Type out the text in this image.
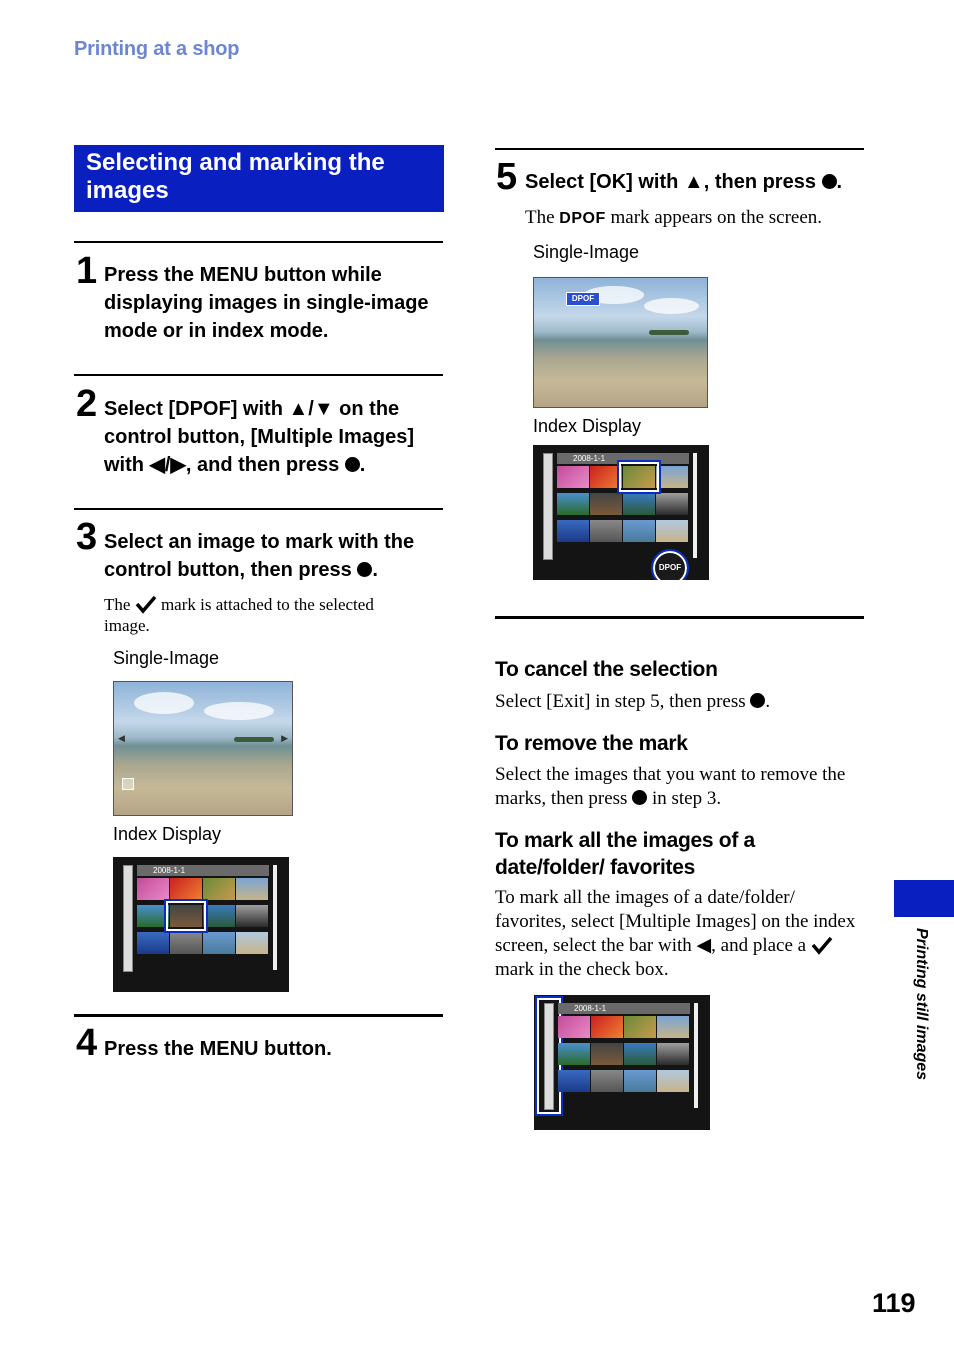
Printing at a shop
Selecting and marking the images
1 Press the MENU button while displaying images in single-image mode or in index mode.
2 Select [DPOF] with ▲/▼ on the control button, [Multiple Images] with ◀/▶, and then press .
3 Select an image to mark with the control button, then press .
The mark is attached to the selected image.
Single-Image
◀	▶
Index Display
2008-1-1
4 Press the MENU button.
5 Select [OK] with ▲, then press .
The DPOF mark appears on the screen.
Single-Image
DPOF
Index Display
2008-1-1
DPOF
To cancel the selection
Select [Exit] in step 5, then press .
To remove the mark
Select the images that you want to remove the marks, then press in step 3.
To mark all the images of a date/folder/ favorites
To mark all the images of a date/folder/ favorites, select [Multiple Images] on the index screen, select the bar with ◀, and place a  mark in the check box.
2008-1-1	Printing still images
119
